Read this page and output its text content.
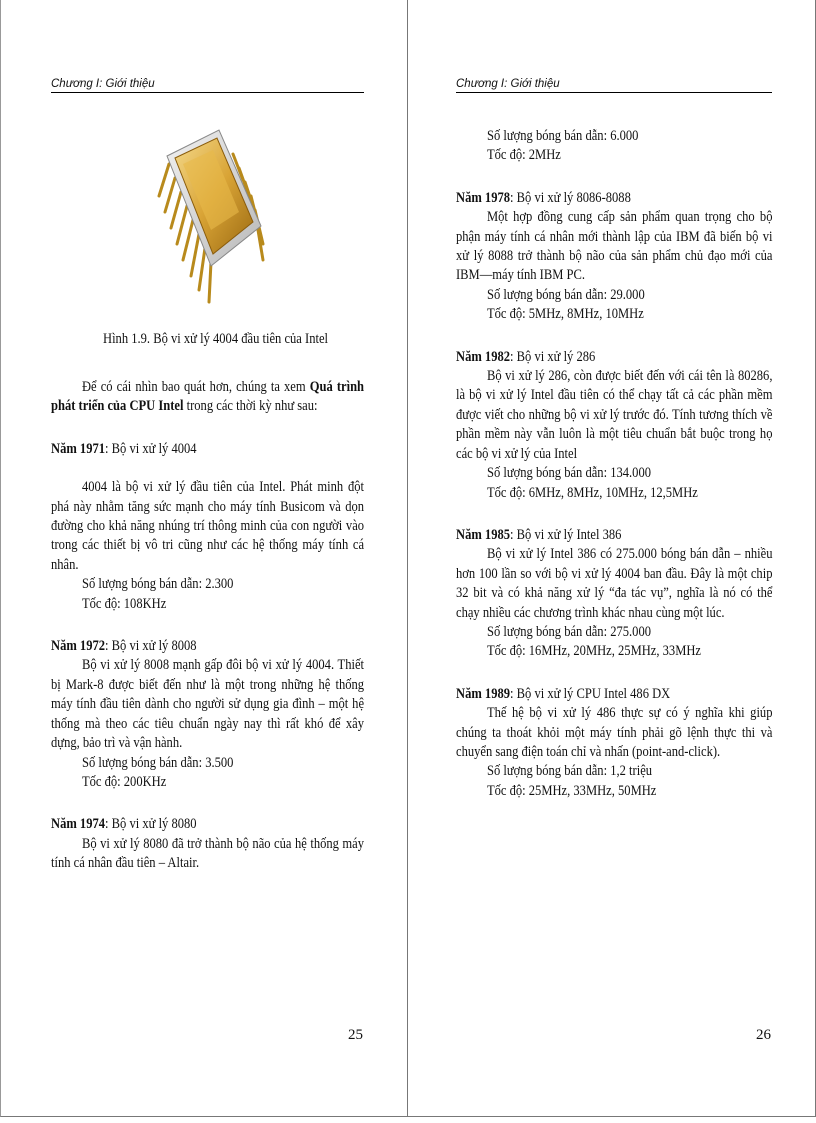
Chương I: Giới thiệu
Hình 1.9. Bộ vi xử lý 4004 đầu tiên của Intel

Để có cái nhìn bao quát hơn, chúng ta xem Quá trình phát triển của CPU Intel trong các thời kỳ như sau:

Năm 1971: Bộ vi xử lý 4004

4004 là bộ vi xử lý đầu tiên của Intel. Phát minh đột phá này nhằm tăng sức mạnh cho máy tính Busicom và dọn đường cho khả năng nhúng trí thông minh của con người vào trong các thiết bị vô tri cũng như các hệ thống máy tính cá nhân.

Số lượng bóng bán dẫn: 2.300

Tốc độ: 108KHz

Năm 1972: Bộ vi xử lý 8008

Bộ vi xử lý 8008 mạnh gấp đôi bộ vi xử lý 4004. Thiết bị Mark-8 được biết đến như là một trong những hệ thống máy tính đầu tiên dành cho người sử dụng gia đình – một hệ thống mà theo các tiêu chuẩn ngày nay thì rất khó để xây dựng, bảo trì và vận hành.

Số lượng bóng bán dẫn: 3.500

Tốc độ: 200KHz

Năm 1974: Bộ vi xử lý 8080

Bộ vi xử lý 8080 đã trở thành bộ não của hệ thống máy tính cá nhân đầu tiên – Altair.

25
Chương I: Giới thiệu

Số lượng bóng bán dẫn: 6.000

Tốc độ: 2MHz

Năm 1978: Bộ vi xử lý 8086-8088

Một hợp đồng cung cấp sản phẩm quan trọng cho bộ phận máy tính cá nhân mới thành lập của IBM đã biến bộ vi xử lý 8088 trở thành bộ não của sản phẩm chủ đạo mới của IBM—máy tính IBM PC.

Số lượng bóng bán dẫn: 29.000

Tốc độ: 5MHz, 8MHz, 10MHz

Năm 1982: Bộ vi xử lý 286

Bộ vi xử lý 286, còn được biết đến với cái tên là 80286, là bộ vi xử lý Intel đầu tiên có thể chạy tất cả các phần mềm được viết cho những bộ vi xử lý trước đó. Tính tương thích về phần mềm này vẫn luôn là một tiêu chuẩn bắt buộc trong họ các bộ vi xử lý của Intel

Số lượng bóng bán dẫn: 134.000

Tốc độ: 6MHz, 8MHz, 10MHz, 12,5MHz

Năm 1985: Bộ vi xử lý Intel 386

Bộ vi xử lý Intel 386 có 275.000 bóng bán dẫn – nhiều hơn 100 lần so với bộ vi xử lý 4004 ban đầu. Đây là một chip 32 bit và có khả năng xử lý “đa tác vụ”, nghĩa là nó có thể chạy nhiều các chương trình khác nhau cùng một lúc.

Số lượng bóng bán dẫn: 275.000

Tốc độ: 16MHz, 20MHz, 25MHz, 33MHz

Năm 1989: Bộ vi xử lý CPU Intel 486 DX

Thế hệ bộ vi xử lý 486 thực sự có ý nghĩa khi giúp chúng ta thoát khỏi một máy tính phải gõ lệnh thực thi và chuyển sang điện toán chỉ và nhấn (point-and-click).

Số lượng bóng bán dẫn: 1,2 triệu

Tốc độ: 25MHz, 33MHz, 50MHz

26
